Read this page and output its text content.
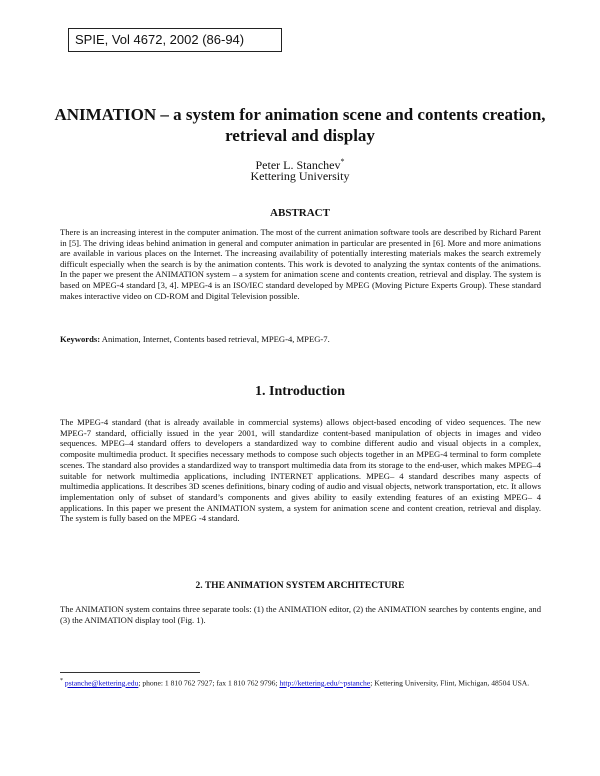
SPIE, Vol 4672, 2002 (86-94)
ANIMATION – a system for animation scene and contents creation, retrieval and display
Peter L. Stanchev*
Kettering University
ABSTRACT
There is an increasing interest in the computer animation. The most of the current animation software tools are described by Richard Parent in [5]. The driving ideas behind animation in general and computer animation in particular are presented in [6]. More and more animations are available in various places on the Internet. The increasing availability of potentially interesting materials makes the search extremely difficult especially when the search is by the animation contents. This work is devoted to analyzing the syntax contents of the animations. In the paper we present the ANIMATION system – a system for animation scene and contents creation, retrieval and display. The system is based on MPEG-4 standard [3, 4]. MPEG-4 is an ISO/IEC standard developed by MPEG (Moving Picture Experts Group). These standard makes interactive video on CD-ROM and Digital Television possible.
Keywords: Animation, Internet, Contents based retrieval, MPEG-4, MPEG-7.
1. Introduction
The MPEG-4 standard (that is already available in commercial systems) allows object-based encoding of video sequences. The new MPEG-7 standard, officially issued in the year 2001, will standardize content-based manipulation of objects in images and video sequences. MPEG–4 standard offers to developers a standardized way to combine different audio and visual objects in a complex, composite multimedia product. It specifies necessary methods to compose such objects together in an MPEG-4 terminal to form complete scenes. The standard also provides a standardized way to transport multimedia data from its storage to the end-user, which makes MPEG–4 suitable for network multimedia applications, including INTERNET applications. MPEG– 4 standard describes many aspects of multimedia applications. It describes 3D scenes definitions, binary coding of audio and visual objects, network transportation, etc. It allows implementation only of subset of standard’s components and gives ability to easily extending features of an existing MPEG– 4 applications. In this paper we present the ANIMATION system, a system for animation scene and content creation, retrieval and display. The system is fully based on the MPEG -4 standard.
2. THE ANIMATION SYSTEM ARCHITECTURE
The ANIMATION system contains three separate tools: (1) the ANIMATION editor, (2) the ANIMATION searches by contents engine, and (3) the ANIMATION display tool (Fig. 1).
* pstanche@kettering.edu; phone: 1 810 762 7927; fax 1 810 762 9796; http://kettering.edu/~pstanche; Kettering University, Flint, Michigan, 48504 USA.
